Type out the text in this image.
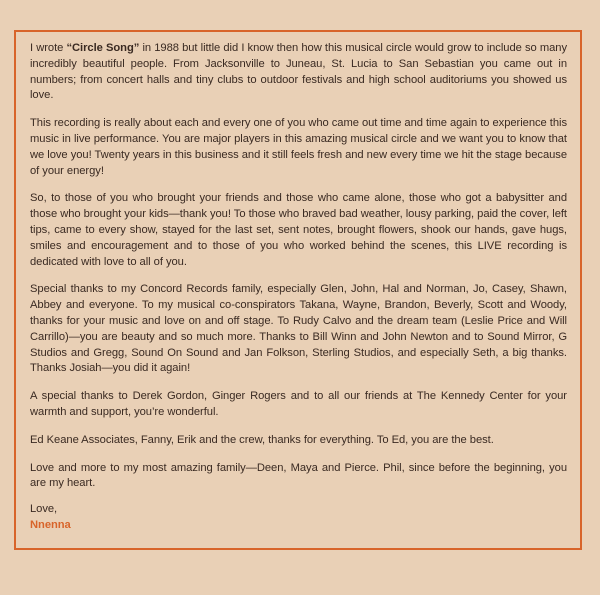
I wrote “Circle Song” in 1988 but little did I know then how this musical circle would grow to include so many incredibly beautiful people. From Jacksonville to Juneau, St. Lucia to San Sebastian you came out in numbers; from concert halls and tiny clubs to outdoor festivals and high school auditoriums you showed us love.

This recording is really about each and every one of you who came out time and time again to experience this music in live performance. You are major players in this amazing musical circle and we want you to know that we love you! Twenty years in this business and it still feels fresh and new every time we hit the stage because of your energy!

So, to those of you who brought your friends and those who came alone, those who got a babysitter and those who brought your kids—thank you! To those who braved bad weather, lousy parking, paid the cover, left tips, came to every show, stayed for the last set, sent notes, brought flowers, shook our hands, gave hugs, smiles and encouragement and to those of you who worked behind the scenes, this LIVE recording is dedicated with love to all of you.

Special thanks to my Concord Records family, especially Glen, John, Hal and Norman, Jo, Casey, Shawn, Abbey and everyone. To my musical co-conspirators Takana, Wayne, Brandon, Beverly, Scott and Woody, thanks for your music and love on and off stage. To Rudy Calvo and the dream team (Leslie Price and Will Carrillo)—you are beauty and so much more. Thanks to Bill Winn and John Newton and to Sound Mirror, G Studios and Gregg, Sound On Sound and Jan Folkson, Sterling Studios, and especially Seth, a big thanks. Thanks Josiah—you did it again!

A special thanks to Derek Gordon, Ginger Rogers and to all our friends at The Kennedy Center for your warmth and support, you’re wonderful.

Ed Keane Associates, Fanny, Erik and the crew, thanks for everything. To Ed, you are the best.

Love and more to my most amazing family—Deen, Maya and Pierce. Phil, since before the beginning, you are my heart.

Love,
Nnenna
